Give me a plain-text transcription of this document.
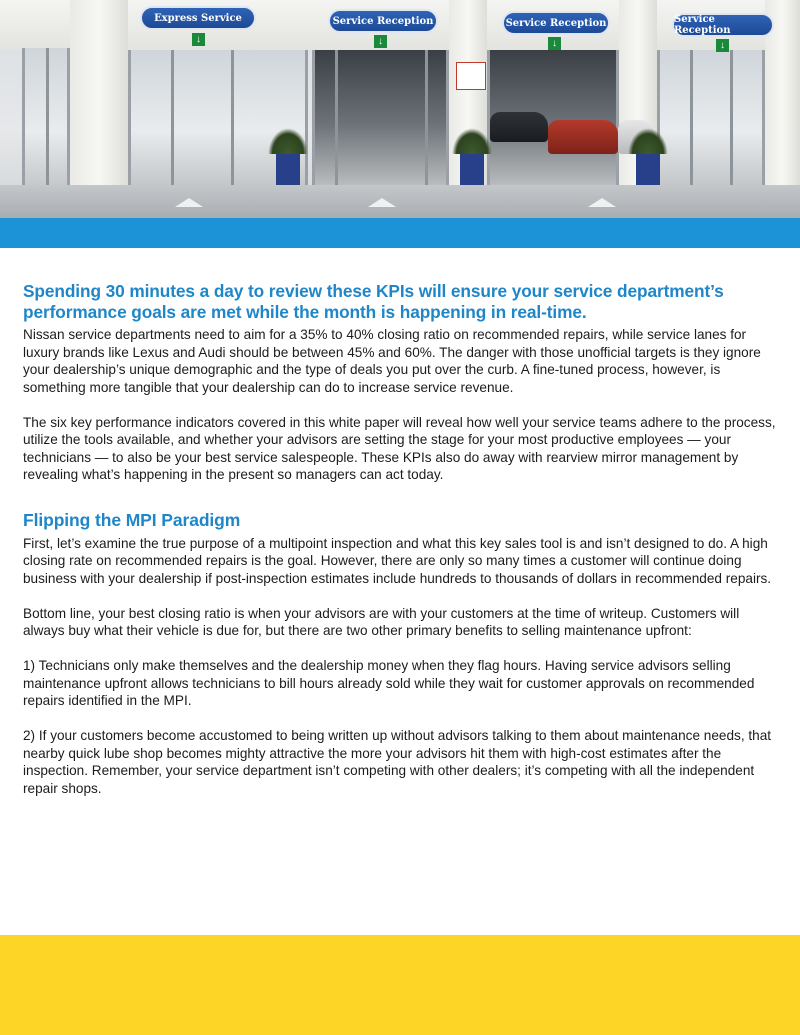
Express Service	Service Reception	Service Reception	Service Reception
↓	↓	↓	↓
Spending 30 minutes a day to review these KPIs will ensure your service department’s performance goals are met while the month is happening in real-time.

Nissan service departments need to aim for a 35% to 40% closing ratio on recommended repairs, while service lanes for luxury brands like Lexus and Audi should be between 45% and 60%. The danger with those unofficial targets is they ignore your dealership’s unique demographic and the type of deals you put over the curb. A fine-tuned process, however, is something more tangible that your dealership can do to increase service revenue.

The six key performance indicators covered in this white paper will reveal how well your service teams adhere to the process, utilize the tools available, and whether your advisors are setting the stage for your most productive employees — your technicians — to also be your best service salespeople. These KPIs also do away with rearview mirror management by revealing what’s happening in the present so managers can act today.

Flipping the MPI Paradigm

First, let’s examine the true purpose of a multipoint inspection and what this key sales tool is and isn’t designed to do. A high closing rate on recommended repairs is the goal. However, there are only so many times a customer will continue doing business with your dealership if post-inspection estimates include hundreds to thousands of dollars in recommended repairs.

Bottom line, your best closing ratio is when your advisors are with your customers at the time of writeup. Customers will always buy what their vehicle is due for, but there are two other primary benefits to selling maintenance upfront:

1) Technicians only make themselves and the dealership money when they flag hours. Having service advisors selling maintenance upfront allows technicians to bill hours already sold while they wait for customer approvals on recommended repairs identified in the MPI.

2) If your customers become accustomed to being written up without advisors talking to them about maintenance needs, that nearby quick lube shop becomes mighty attractive the more your advisors hit them with high-cost estimates after the inspection. Remember, your service department isn’t competing with other dealers; it’s competing with all the independent repair shops.
